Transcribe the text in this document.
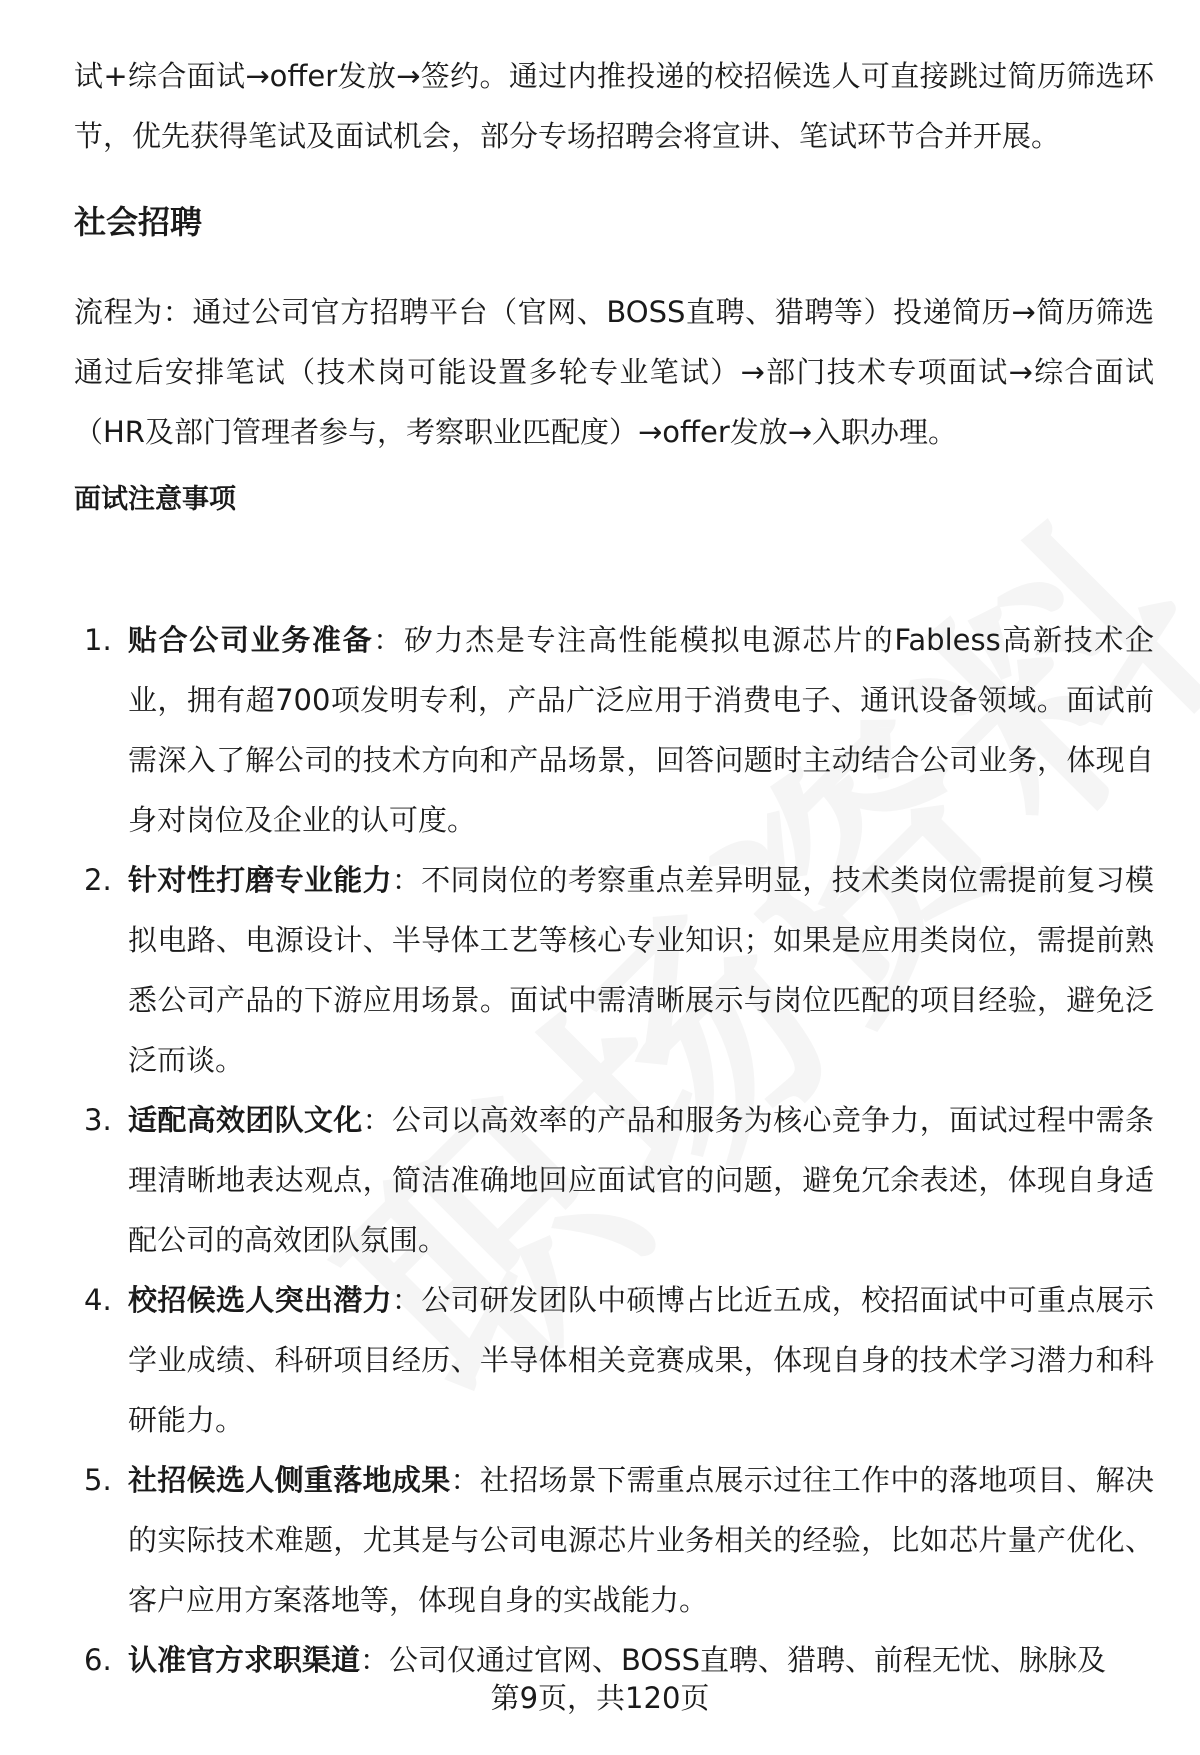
试+综合面试→offer发放→签约。通过内推投递的校招候选人可直接跳过简历筛选环节，优先获得笔试及面试机会，部分专场招聘会将宣讲、笔试环节合并开展。

社会招聘

流程为：通过公司官方招聘平台（官网、BOSS直聘、猎聘等）投递简历→简历筛选通过后安排笔试（技术岗可能设置多轮专业笔试）→部门技术专项面试→综合面试（HR及部门管理者参与，考察职业匹配度）→offer发放→入职办理。

面试注意事项
1. 贴合公司业务准备：矽力杰是专注高性能模拟电源芯片的Fabless高新技术企业，拥有超700项发明专利，产品广泛应用于消费电子、通讯设备领域。面试前需深入了解公司的技术方向和产品场景，回答问题时主动结合公司业务，体现自身对岗位及企业的认可度。
2. 针对性打磨专业能力：不同岗位的考察重点差异明显，技术类岗位需提前复习模拟电路、电源设计、半导体工艺等核心专业知识；如果是应用类岗位，需提前熟悉公司产品的下游应用场景。面试中需清晰展示与岗位匹配的项目经验，避免泛泛而谈。
3. 适配高效团队文化：公司以高效率的产品和服务为核心竞争力，面试过程中需条理清晰地表达观点，简洁准确地回应面试官的问题，避免冗余表述，体现自身适配公司的高效团队氛围。
4. 校招候选人突出潜力：公司研发团队中硕博占比近五成，校招面试中可重点展示学业成绩、科研项目经历、半导体相关竞赛成果，体现自身的技术学习潜力和科研能力。
5. 社招候选人侧重落地成果：社招场景下需重点展示过往工作中的落地项目、解决的实际技术难题，尤其是与公司电源芯片业务相关的经验，比如芯片量产优化、客户应用方案落地等，体现自身的实战能力。
6. 认准官方求职渠道：公司仅通过官网、BOSS直聘、猎聘、前程无忧、脉脉及
第9页，共120页
